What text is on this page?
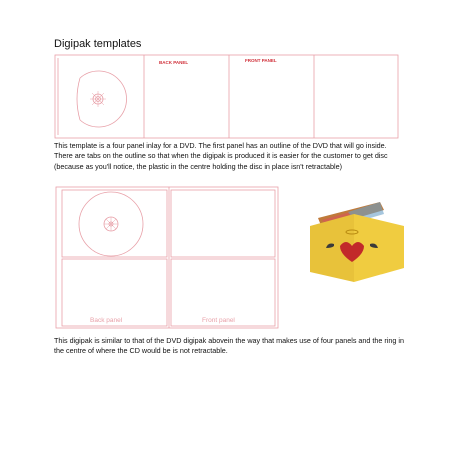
Digipak templates
BACK PANEL	FRONT PANEL
Back panel	Front panel

This template is a four panel inlay for a DVD. The first panel has an outline of the DVD that will go inside. There are tabs on the outline so that when the digipak is produced it is easier for the customer to get disc (because as you'll notice, the plastic in the centre holding the disc in place isn't retractable)

This digipak is similar to that of the DVD digipak abovein the way that makes use of four panels and the ring in the centre of where the CD would be is not retractable.
